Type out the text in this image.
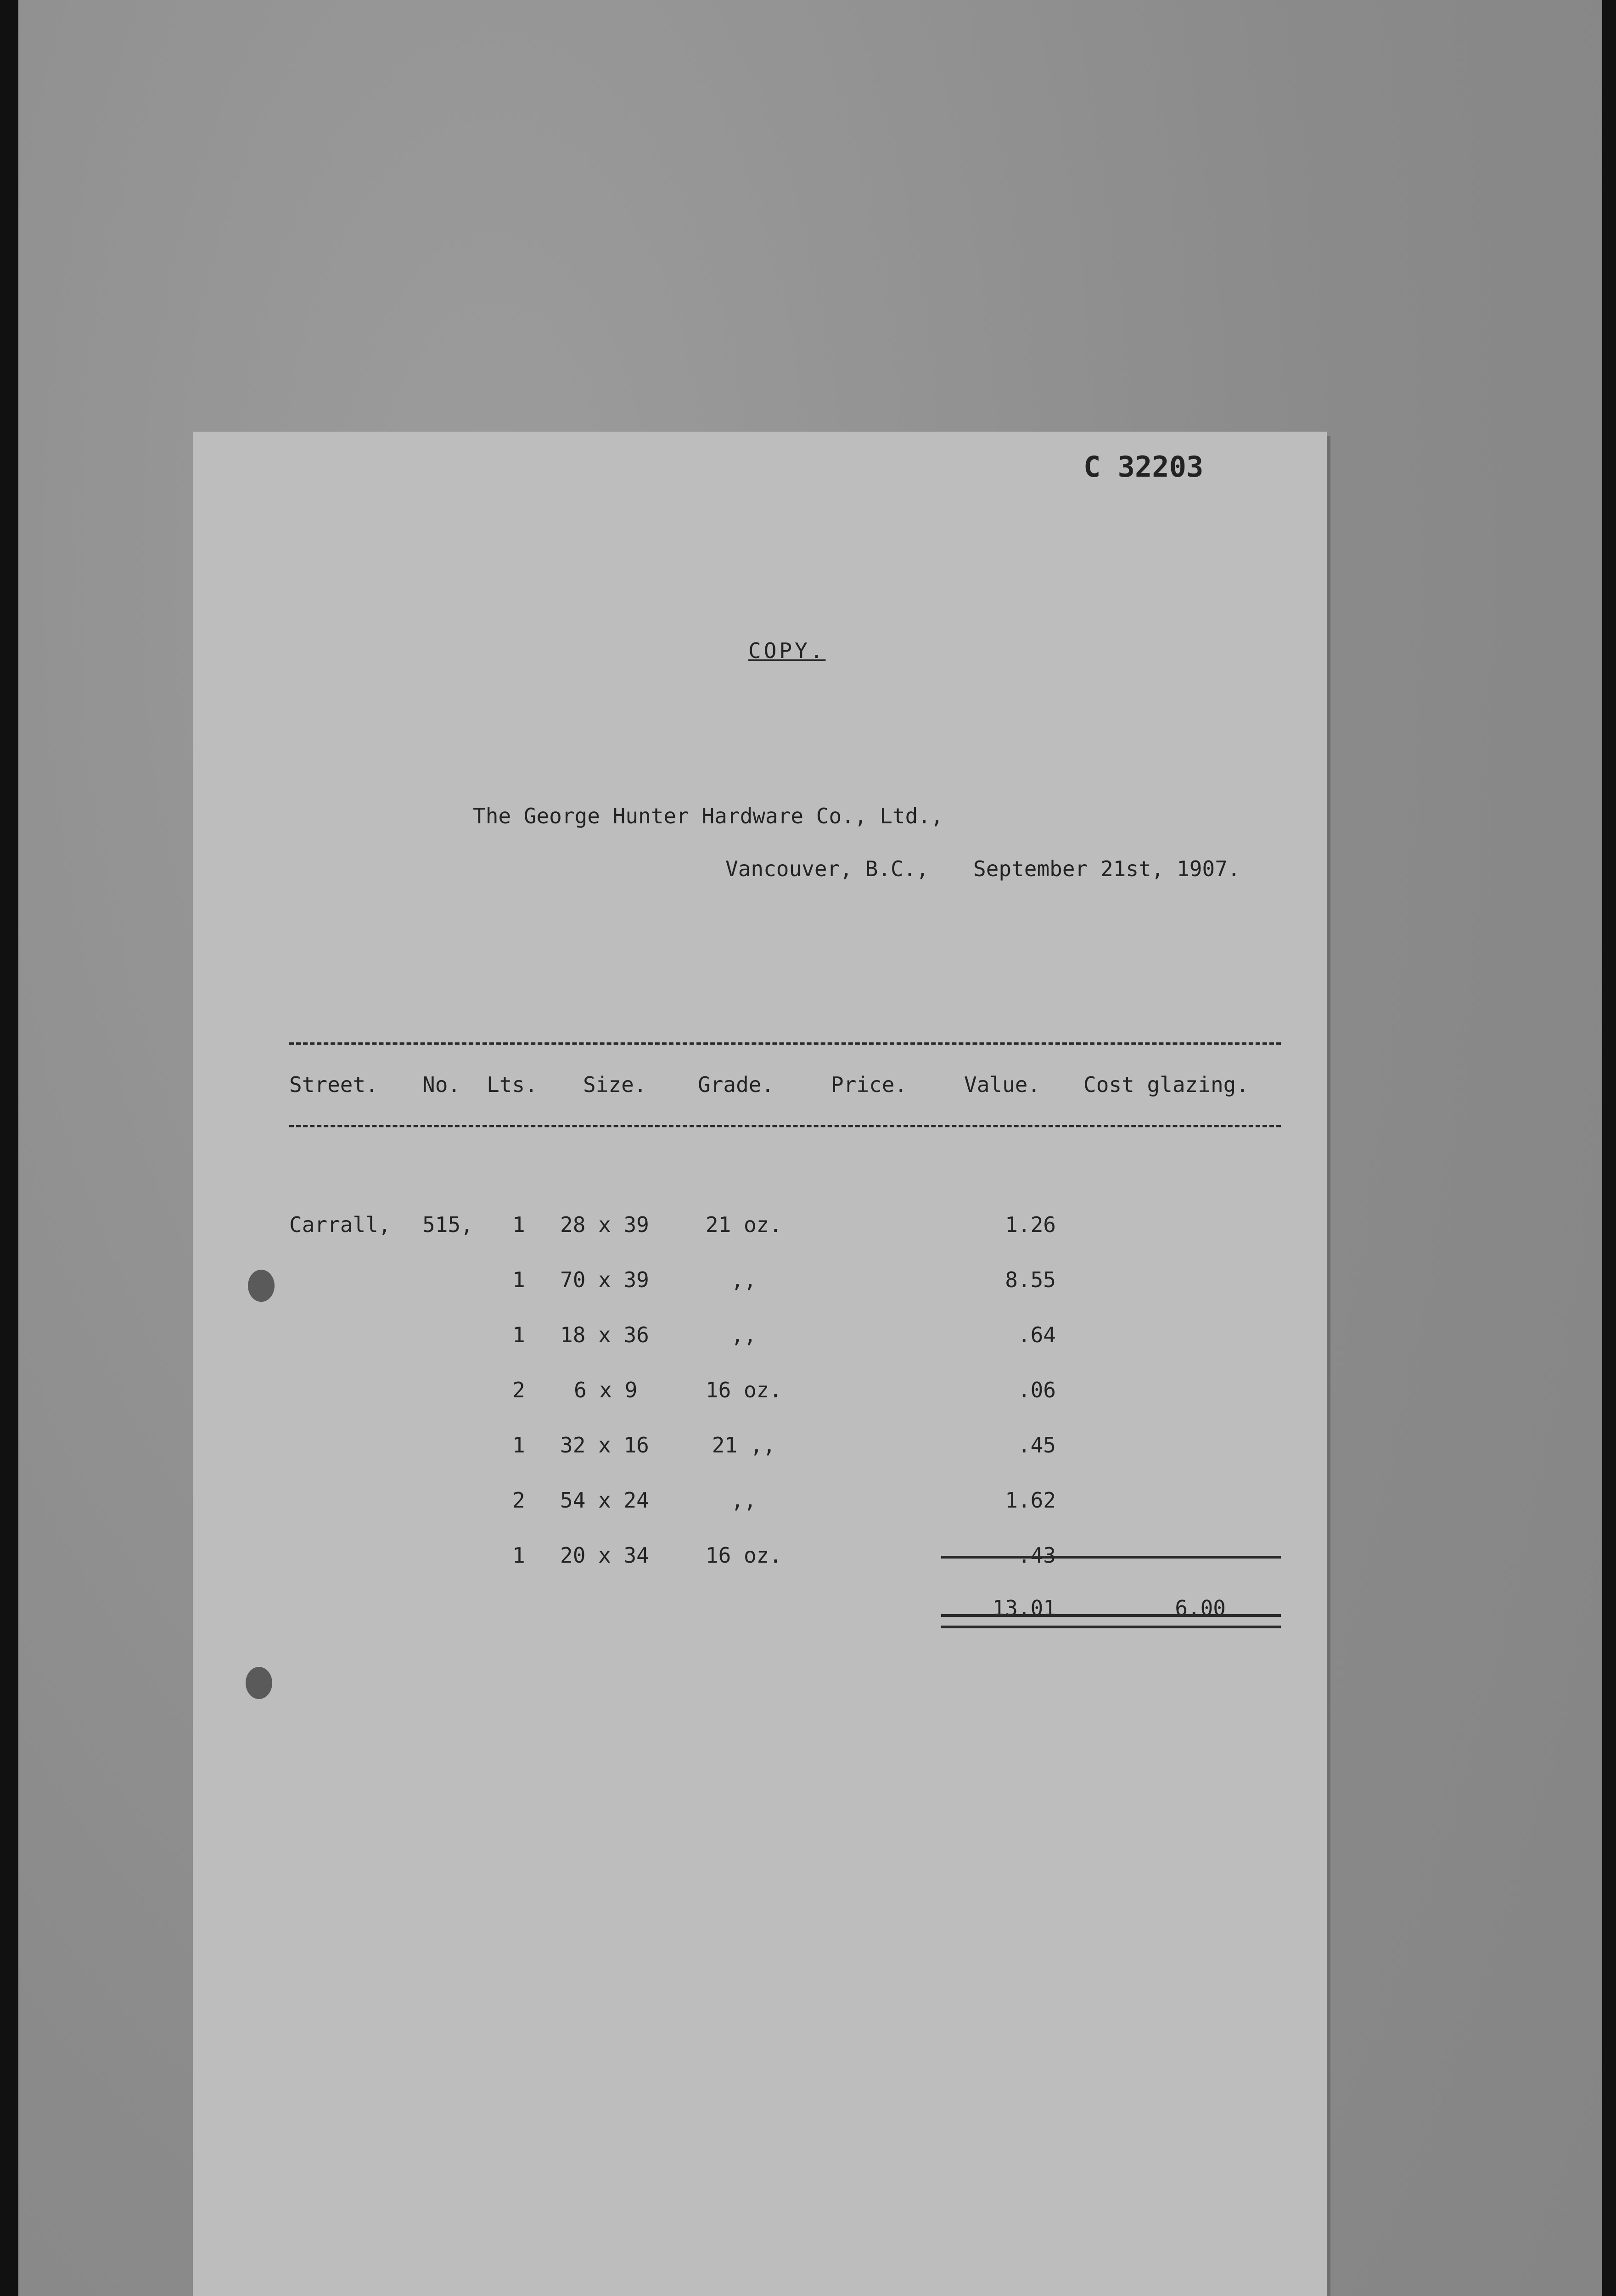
C 32203
COPY.
The George Hunter Hardware Co., Ltd.,
Vancouver, B.C., September 21st, 1907.
Street. No. Lts. Size. Grade.	Price.	Value. Cost glazing.
Carrall, 515,	1	28 x 39	21 oz.	1.26
1	70 x 39	,,	8.55
1	18 x 36	,,	.64
2	6 x 9	16 oz.	.06
1	32 x 16	21 ,,	.45
2	54 x 24	,,	1.62
1	20 x 34	16 oz.	.43
13.01	6.00
